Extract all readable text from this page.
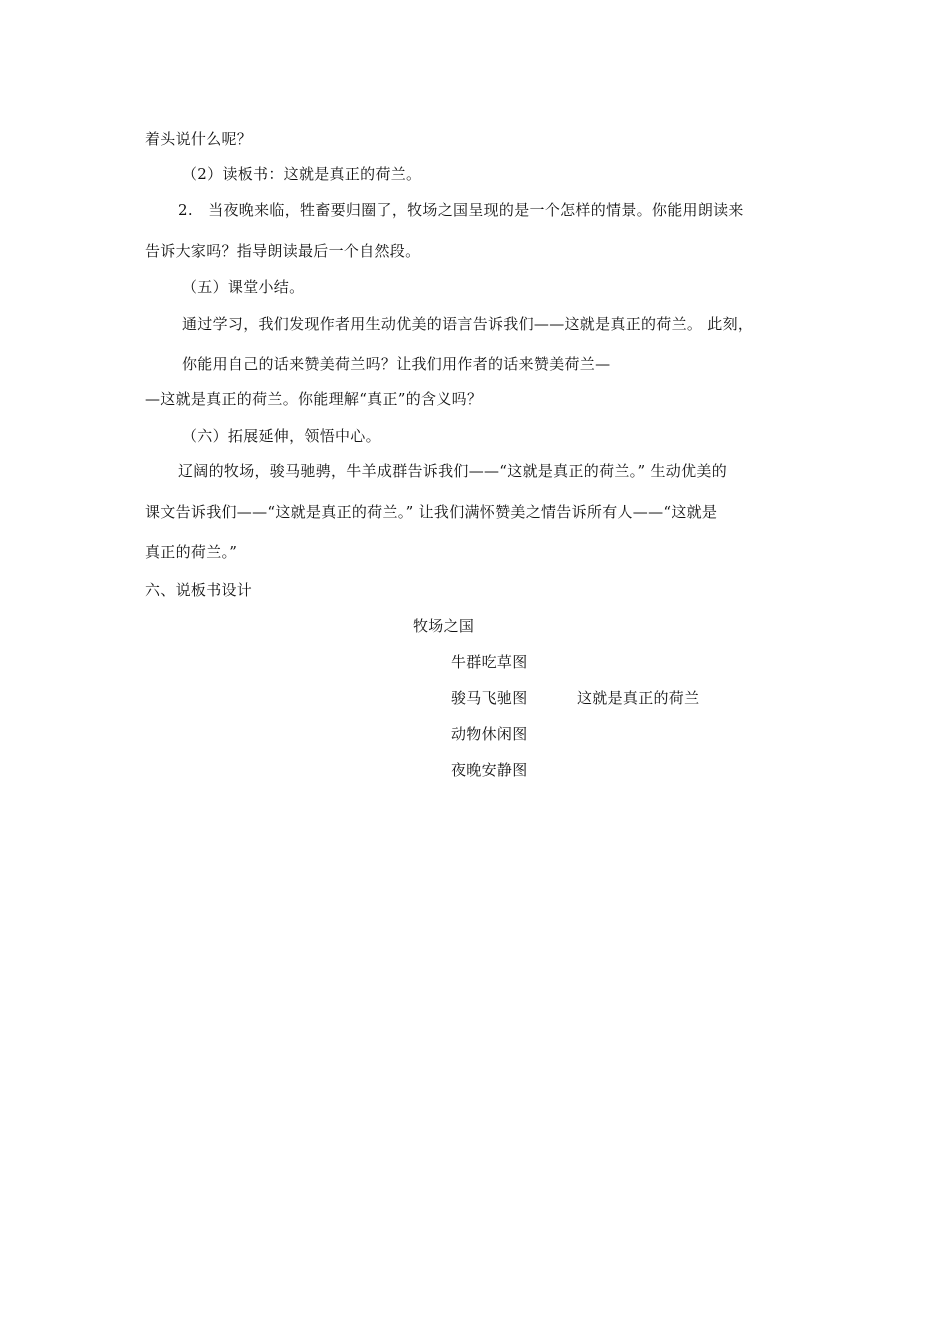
着头说什么呢？
（2）读板书：这就是真正的荷兰。
2.　当夜晚来临，牲畜要归圈了，牧场之国呈现的是一个怎样的情景。你能用朗读来
告诉大家吗？指导朗读最后一个自然段。
（五）课堂小结。
通过学习，我们发现作者用生动优美的语言告诉我们——这就是真正的荷兰。 此刻，
你能用自己的话来赞美荷兰吗？让我们用作者的话来赞美荷兰—
—这就是真正的荷兰。你能理解“真正”的含义吗？
（六）拓展延伸，领悟中心。
辽阔的牧场，骏马驰骋，牛羊成群告诉我们——“这就是真正的荷兰。” 生动优美的
课文告诉我们——“这就是真正的荷兰。” 让我们满怀赞美之情告诉所有人——“这就是
真正的荷兰。”
六、说板书设计
牧场之国
牛群吃草图
骏马飞驰图	这就是真正的荷兰
动物休闲图
夜晚安静图
